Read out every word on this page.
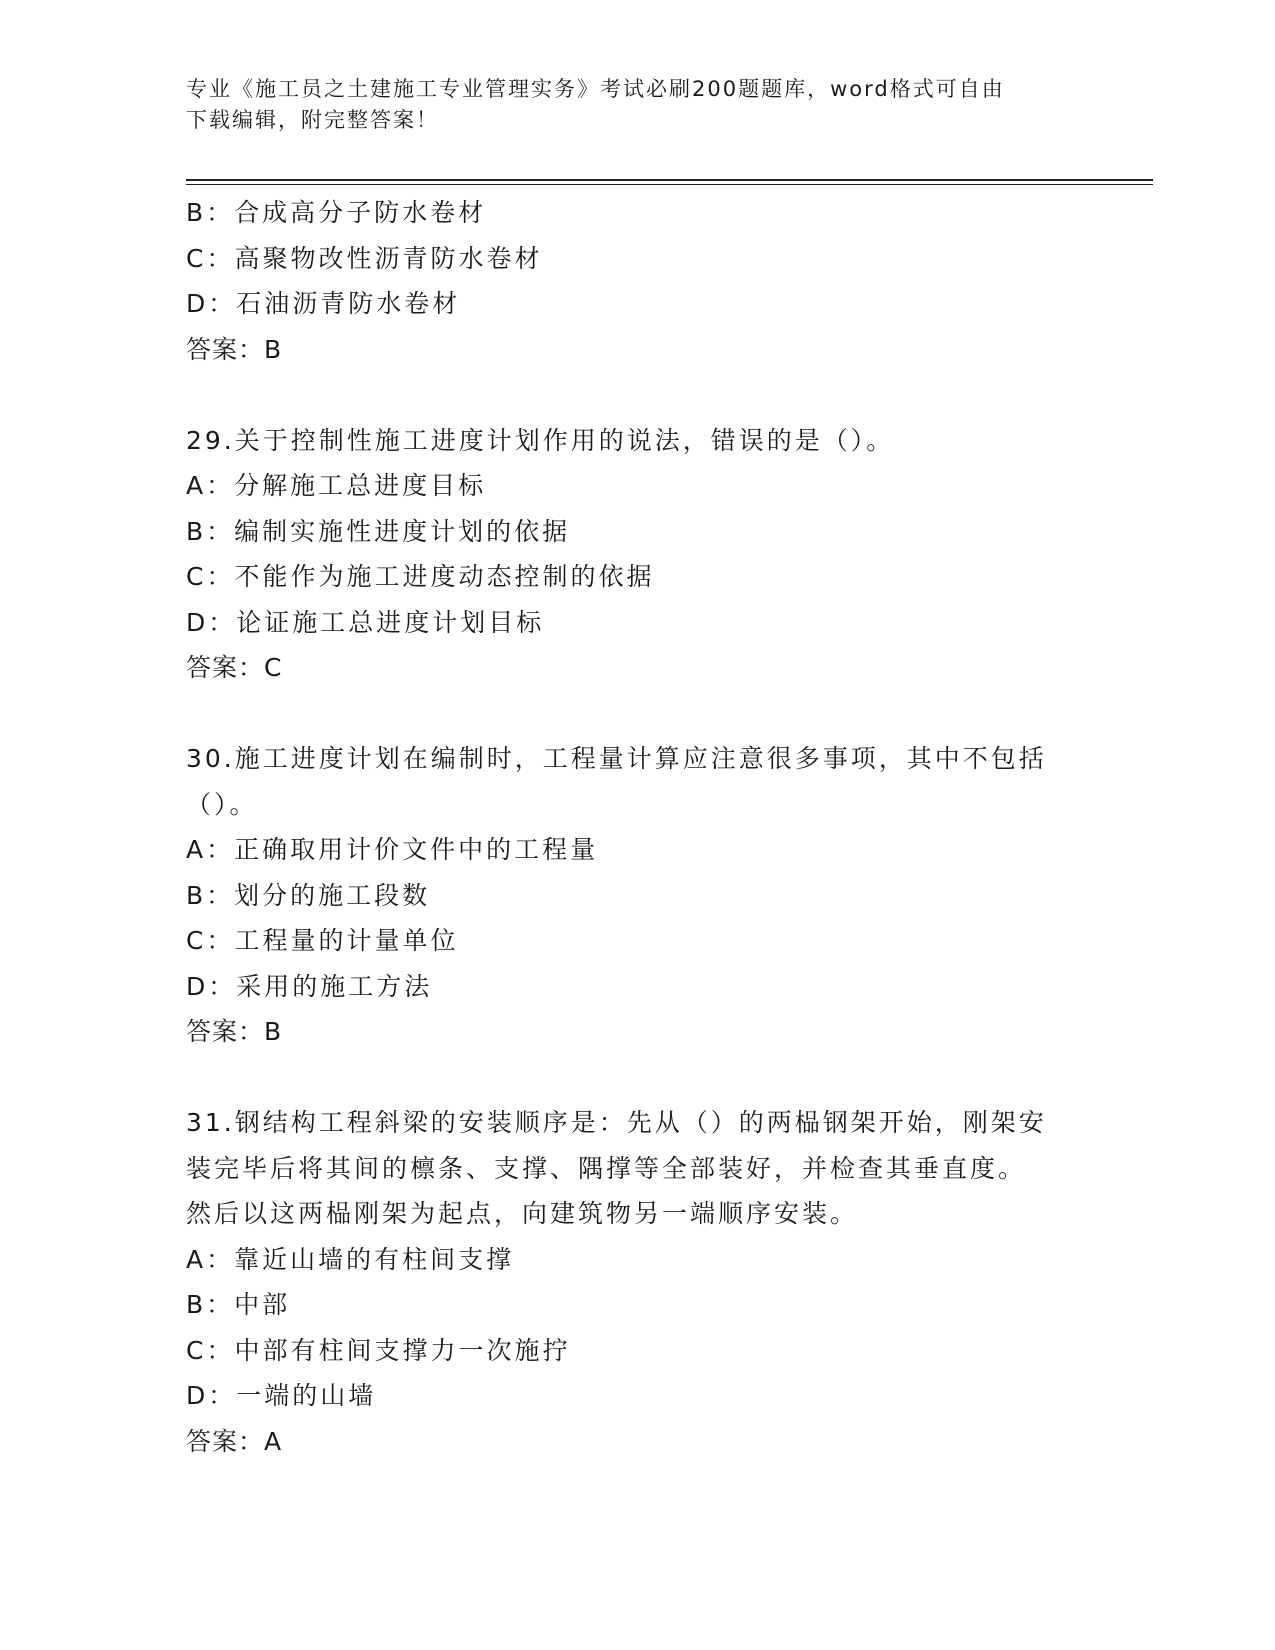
专业《施工员之土建施工专业管理实务》考试必刷200题题库，word格式可自由
下载编辑，附完整答案！
B：合成高分子防水卷材
C：高聚物改性沥青防水卷材
D：石油沥青防水卷材
答案：B
29.关于控制性施工进度计划作用的说法，错误的是（）。
A：分解施工总进度目标
B：编制实施性进度计划的依据
C：不能作为施工进度动态控制的依据
D：论证施工总进度计划目标
答案：C
30.施工进度计划在编制时，工程量计算应注意很多事项，其中不包括
（）。
A：正确取用计价文件中的工程量
B：划分的施工段数
C：工程量的计量单位
D：采用的施工方法
答案：B
31.钢结构工程斜梁的安装顺序是：先从（）的两榀钢架开始，刚架安
装完毕后将其间的檩条、支撑、隅撑等全部装好，并检查其垂直度。
然后以这两榀刚架为起点，向建筑物另一端顺序安装。
A：靠近山墙的有柱间支撑
B：中部
C：中部有柱间支撑力一次施拧
D：一端的山墙
答案：A
